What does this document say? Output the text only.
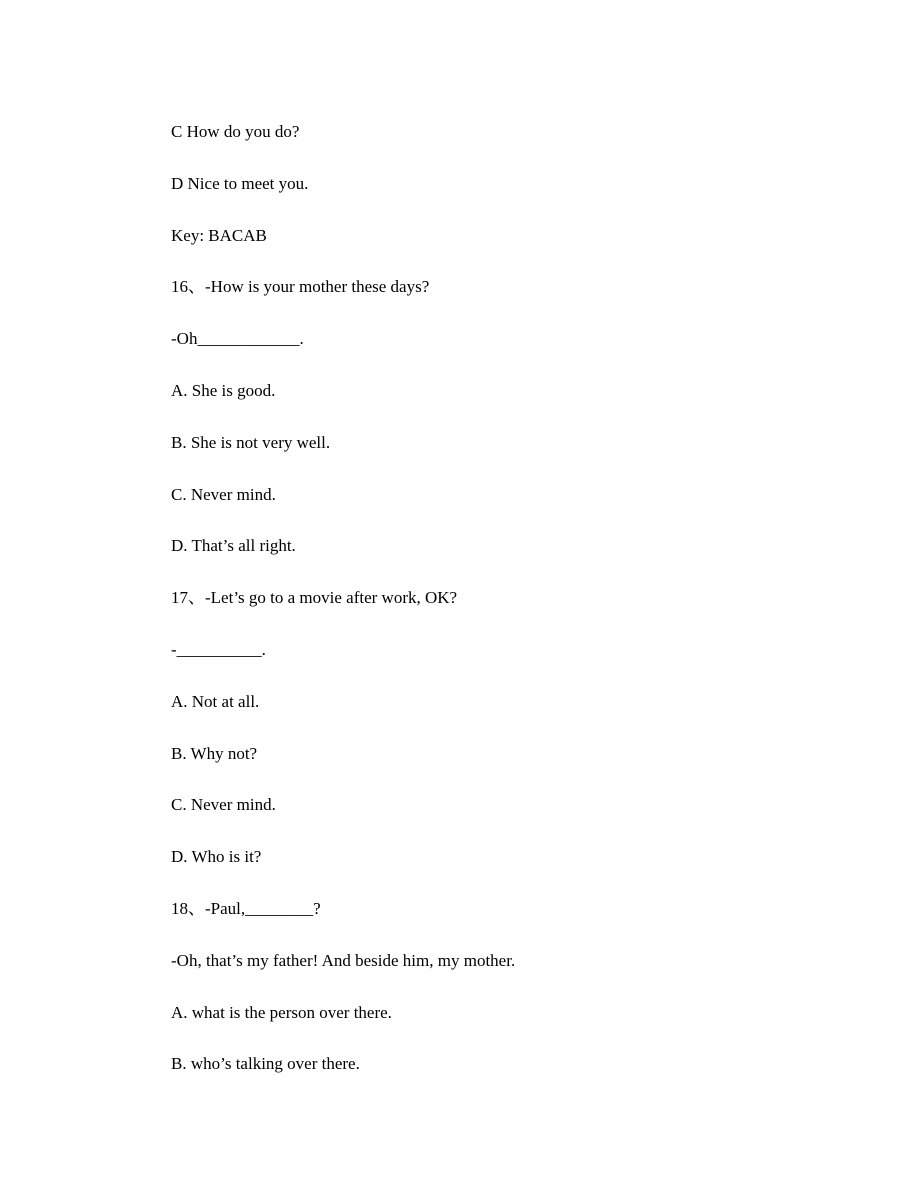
C How do you do?

D Nice to meet you.

Key: BACAB

16、-How is your mother these days?

-Oh____________.

A. She is good.

B. She is not very well.

C. Never mind.

D. That’s all right.

17、-Let’s go to a movie after work, OK?

-__________.

A. Not at all.

B. Why not?

C. Never mind.

D. Who is it?

18、-Paul,________?

-Oh, that’s my father! And beside him, my mother.

A. what is the person over there.

B. who’s talking over there.
